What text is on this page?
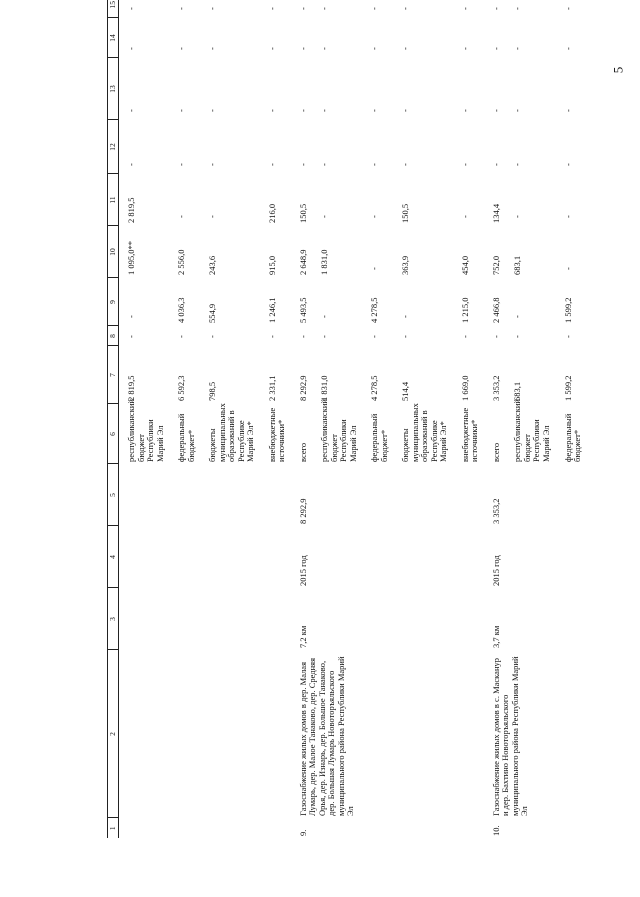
5
1	2	3	4	5	6	7	8	9	10	11	12	13	14	15
					республиканский бюджет Республики Марий Эл	2 819,5	-	-	1 095,0**	2 819,5	-	-	-	-
					федеральный бюджет*	6 592,3	-	4 036,3	2 556,0	-	-	-	-	-
					бюджеты муниципальных образований в Республике Марий Эл*	798,5	-	554,9	243,6	-	-	-	-	-
					внебюджетные источники*	2 331,1	-	1 246,1	915,0	216,0	-	-	-	-
9.	Газоснабжение жилых домов в дер. Малая Лумарь, дер. Малое Танаково, дер. Средняя Орья, дер. Изнарь, дер. Большое Танаково, дер. Большая Лумарь Новоторъяльского муниципального района Республики Марий Эл	7,2 км	2015 год	8 292,9	всего	8 292,9	-	5 493,5	2 648,9	150,5	-	-	-	-
					республиканский бюджет Республики Марий Эл	1 831,0	-	-	1 831,0	-	-	-	-	-
					федеральный бюджет*	4 278,5	-	4 278,5	-	-	-	-	-	-
					бюджеты муниципальных образований в Республике Марий Эл*	514,4	-	-	363,9	150,5	-	-	-	-
					внебюджетные источники*	1 669,0	-	1 215,0	454,0	-	-	-	-	-
10.	Газоснабжение жилых домов в с. Масканур и дер. Бахтино Новоторъяльского муниципального района Республики Марий Эл	3,7 км	2015 год	3 353,2	всего	3 353,2	-	2 466,8	752,0	134,4	-	-	-	-
					республиканский бюджет Республики Марий Эл	683,1	-	-	683,1	-	-	-	-	-
					федеральный бюджет*	1 599,2	-	1 599,2	-	-	-	-	-	-
